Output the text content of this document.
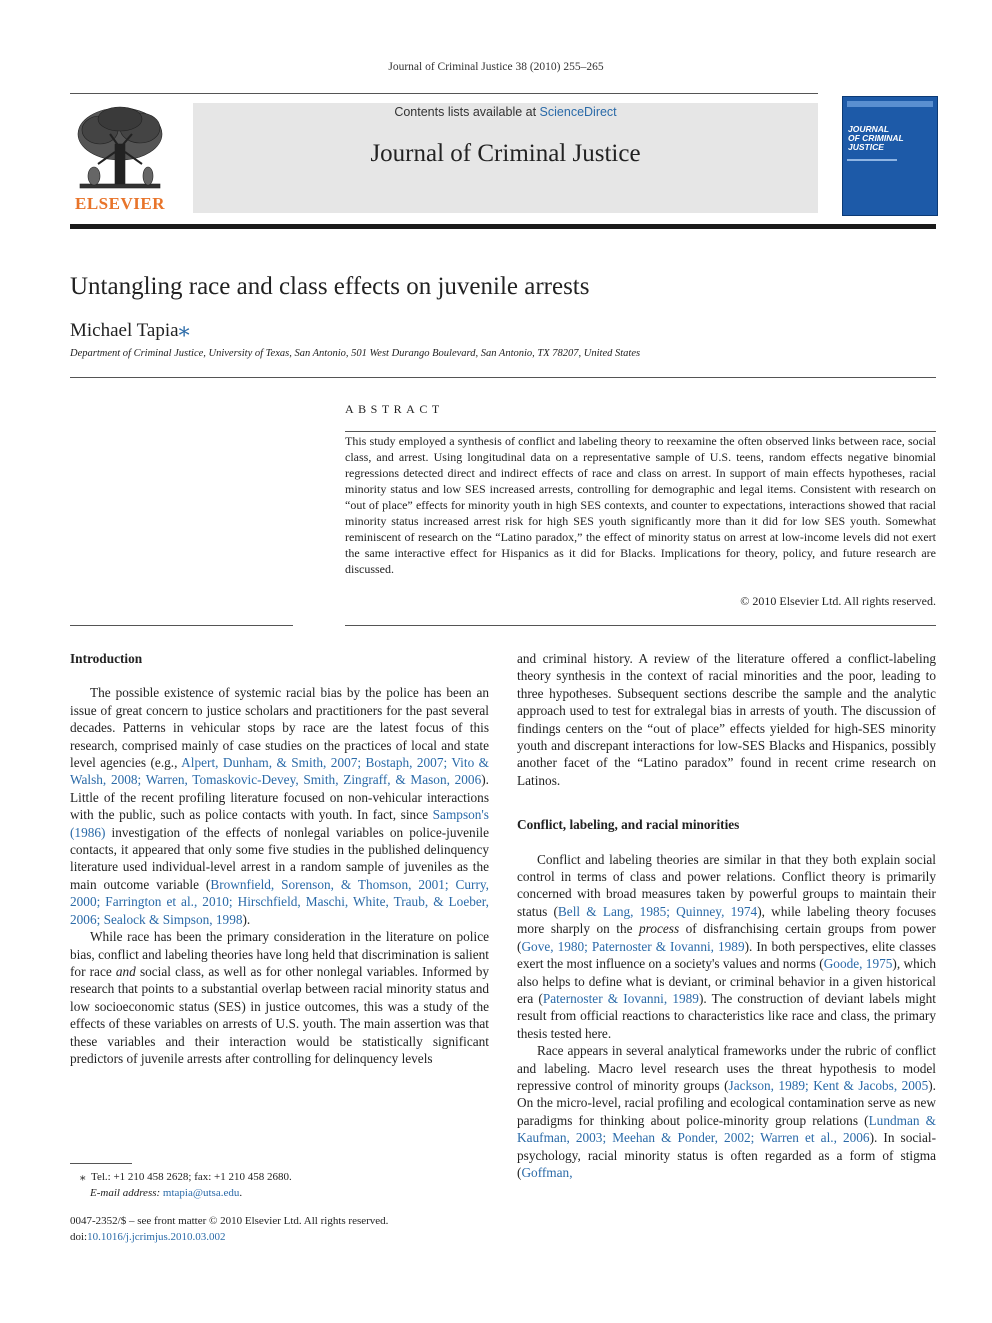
Journal of Criminal Justice 38 (2010) 255–265
ELSEVIER
Contents lists available at ScienceDirect
Journal of Criminal Justice
JOURNAL
OF CRIMINAL
JUSTICE
Untangling race and class effects on juvenile arrests
Michael Tapia⁎
Department of Criminal Justice, University of Texas, San Antonio, 501 West Durango Boulevard, San Antonio, TX 78207, United States
ABSTRACT
This study employed a synthesis of conflict and labeling theory to reexamine the often observed links between race, social class, and arrest. Using longitudinal data on a representative sample of U.S. teens, random effects negative binomial regressions detected direct and indirect effects of race and class on arrest. In support of main effects hypotheses, racial minority status and low SES increased arrests, controlling for demographic and legal items. Consistent with research on “out of place” effects for minority youth in high SES contexts, and counter to expectations, interactions showed that racial minority status increased arrest risk for high SES youth significantly more than it did for low SES youth. Somewhat reminiscent of research on the “Latino paradox,” the effect of minority status on arrest at low-income levels did not exert the same interactive effect for Hispanics as it did for Blacks. Implications for theory, policy, and future research are discussed.
© 2010 Elsevier Ltd. All rights reserved.
Introduction

The possible existence of systemic racial bias by the police has been an issue of great concern to justice scholars and practitioners for the past several decades. Patterns in vehicular stops by race are the latest focus of this research, comprised mainly of case studies on the practices of local and state level agencies (e.g., Alpert, Dunham, & Smith, 2007; Bostaph, 2007; Vito & Walsh, 2008; Warren, Tomaskovic-Devey, Smith, Zingraff, & Mason, 2006). Little of the recent profiling literature focused on non-vehicular interactions with the public, such as police contacts with youth. In fact, since Sampson's (1986) investigation of the effects of nonlegal variables on police-juvenile contacts, it appeared that only some five studies in the published delinquency literature used individual-level arrest in a random sample of juveniles as the main outcome variable (Brownfield, Sorenson, & Thomson, 2001; Curry, 2000; Farrington et al., 2010; Hirschfield, Maschi, White, Traub, & Loeber, 2006; Sealock & Simpson, 1998).

While race has been the primary consideration in the literature on police bias, conflict and labeling theories have long held that discrimination is salient for race and social class, as well as for other nonlegal variables. Informed by research that points to a substantial overlap between racial minority status and low socioeconomic status (SES) in justice outcomes, this was a study of the effects of these variables on arrests of U.S. youth. The main assertion was that these variables and their interaction would be statistically significant predictors of juvenile arrests after controlling for delinquency levels

and criminal history. A review of the literature offered a conflict-labeling theory synthesis in the context of racial minorities and the poor, leading to three hypotheses. Subsequent sections describe the sample and the analytic approach used to test for extralegal bias in arrests of youth. The discussion of findings centers on the “out of place” effects yielded for high-SES minority youth and discrepant interactions for low-SES Blacks and Hispanics, possibly another facet of the “Latino paradox” found in recent crime research on Latinos.

Conflict, labeling, and racial minorities

Conflict and labeling theories are similar in that they both explain social control in terms of class and power relations. Conflict theory is primarily concerned with broad measures taken by powerful groups to maintain their status (Bell & Lang, 1985; Quinney, 1974), while labeling theory focuses more sharply on the process of disfranchising certain groups from power (Gove, 1980; Paternoster & Iovanni, 1989). In both perspectives, elite classes exert the most influence on a society's values and norms (Goode, 1975), which also helps to define what is deviant, or criminal behavior in a given historical era (Paternoster & Iovanni, 1989). The construction of deviant labels might result from official reactions to characteristics like race and class, the primary thesis tested here.

Race appears in several analytical frameworks under the rubric of conflict and labeling. Macro level research uses the threat hypothesis to model repressive control of minority groups (Jackson, 1989; Kent & Jacobs, 2005). On the micro-level, racial profiling and ecological contamination serve as new paradigms for thinking about police-minority group relations (Lundman & Kaufman, 2003; Meehan & Ponder, 2002; Warren et al., 2006). In social-psychology, racial minority status is often regarded as a form of stigma (Goffman,

⁎ Tel.: +1 210 458 2628; fax: +1 210 458 2680.
E-mail address: mtapia@utsa.edu.
0047-2352/$ – see front matter © 2010 Elsevier Ltd. All rights reserved.
doi:10.1016/j.jcrimjus.2010.03.002
